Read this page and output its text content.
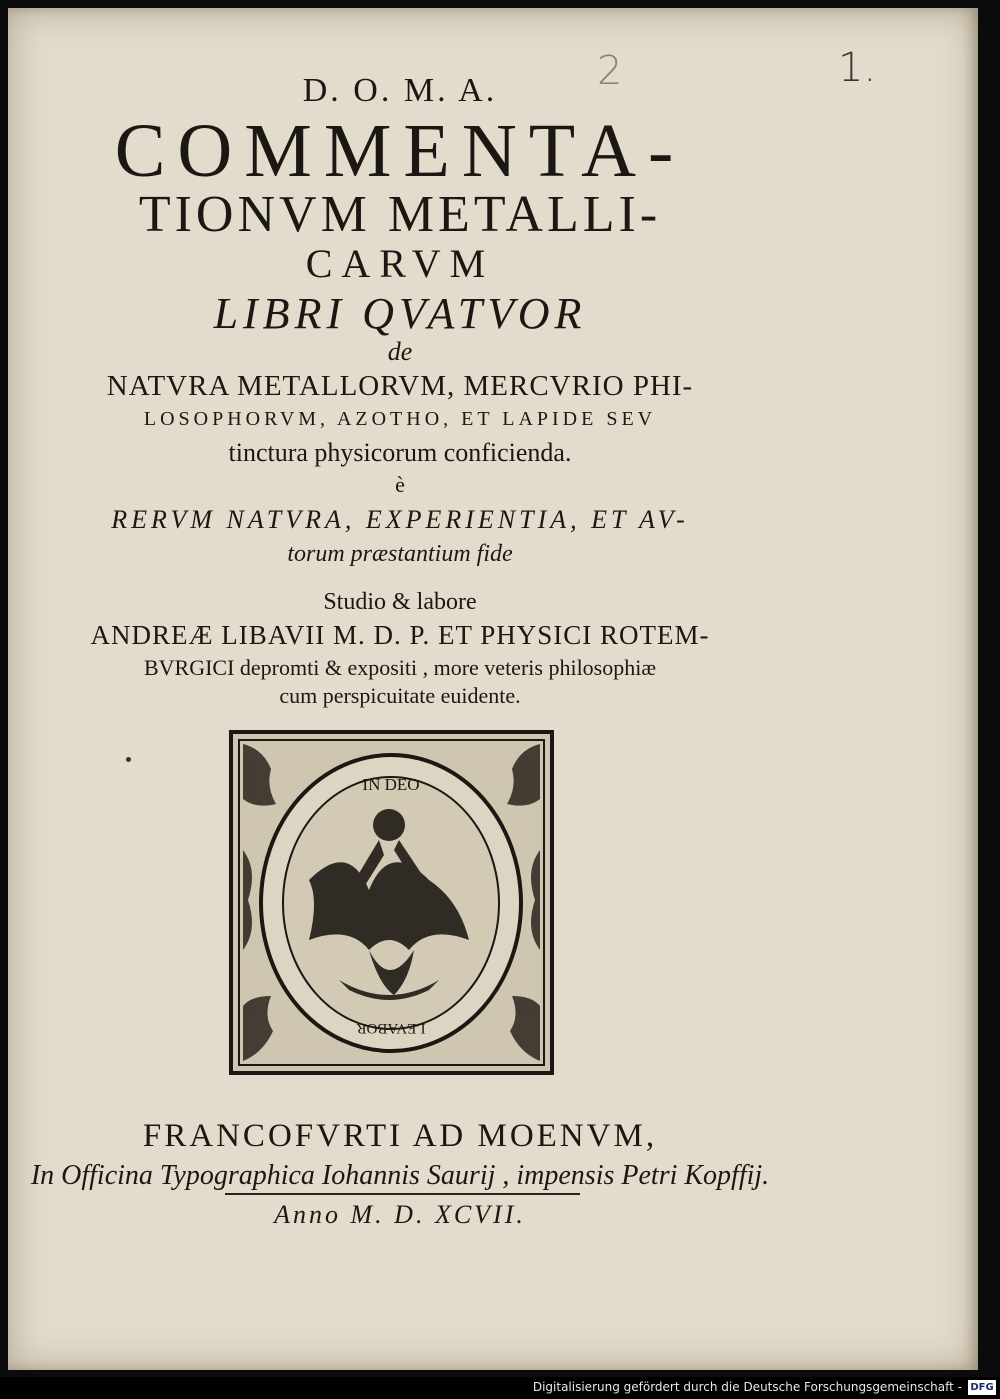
1.
2
D. O. M. A.
COMMENTA-
TIONVM METALLI-
CARVM
LIBRI QVATVOR
de
NATVRA METALLORVM, MERCVRIO PHI-
LOSOPHORVM, AZOTHO, ET LAPIDE SEV
tinctura physicorum conficienda.
è
RERVM NATVRA, EXPERIENTIA, ET AV-
torum præstantium fide
Studio & labore
ANDREÆ LIBAVII M. D. P. ET PHYSICI ROTEM-
BVRGICI depromti & expositi , more veteris philosophiæ
cum perspicuitate euidente.
IN DEO
LEVABOR
FRANCOFVRTI AD MOENVM,
In Officina Typographica Iohannis Saurij , impensis Petri Kopffij.
Anno M. D. XCVII.
Digitalisierung gefördert durch die Deutsche Forschungsgemeinschaft - DFG
